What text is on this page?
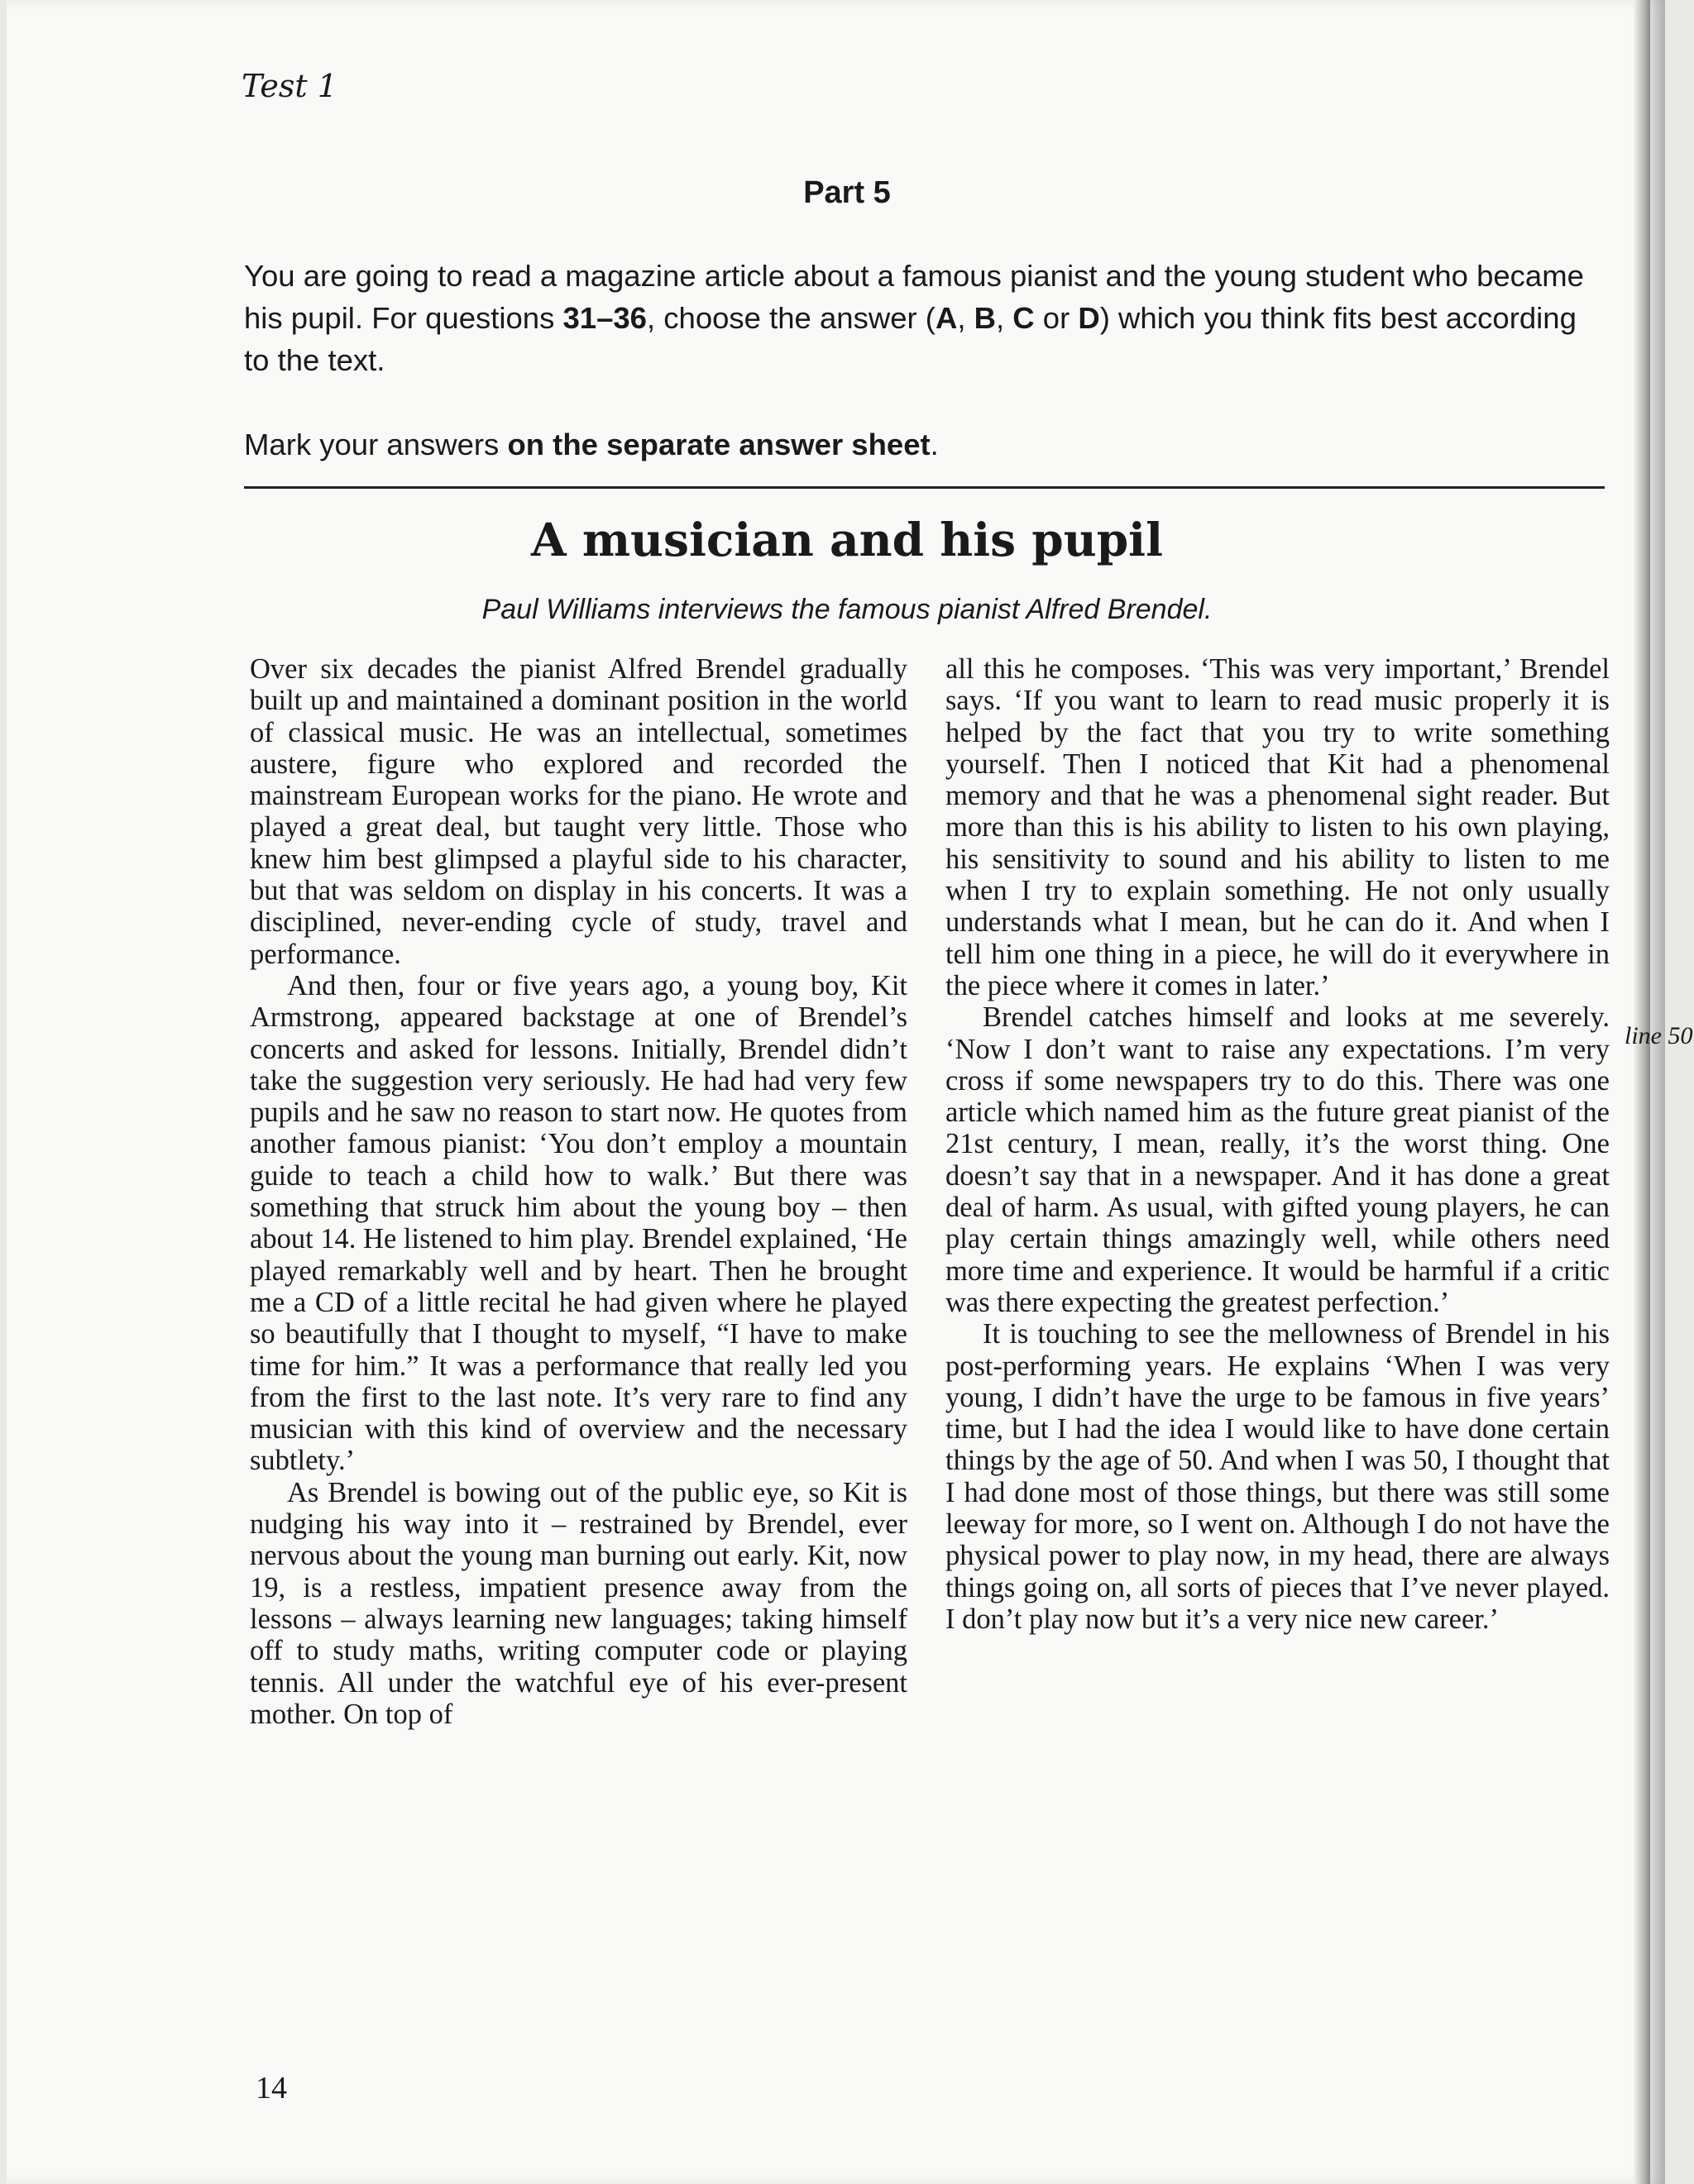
Test 1
Part 5
You are going to read a magazine article about a famous pianist and the young student who became his pupil. For questions 31–36, choose the answer (A, B, C or D) which you think fits best according to the text.
Mark your answers on the separate answer sheet.
A musician and his pupil
Paul Williams interviews the famous pianist Alfred Brendel.

Over six decades the pianist Alfred Brendel gradually built up and maintained a dominant position in the world of classical music. He was an intellectual, sometimes austere, figure who explored and recorded the mainstream European works for the piano. He wrote and played a great deal, but taught very little. Those who knew him best glimpsed a playful side to his character, but that was seldom on display in his concerts. It was a disciplined, never-ending cycle of study, travel and performance.

And then, four or five years ago, a young boy, Kit Armstrong, appeared backstage at one of Brendel’s concerts and asked for lessons. Initially, Brendel didn’t take the suggestion very seriously. He had had very few pupils and he saw no reason to start now. He quotes from another famous pianist: ‘You don’t employ a mountain guide to teach a child how to walk.’ But there was something that struck him about the young boy – then about 14. He listened to him play. Brendel explained, ‘He played remarkably well and by heart. Then he brought me a CD of a little recital he had given where he played so beautifully that I thought to myself, “I have to make time for him.” It was a performance that really led you from the first to the last note. It’s very rare to find any musician with this kind of overview and the necessary subtlety.’

As Brendel is bowing out of the public eye, so Kit is nudging his way into it – restrained by Brendel, ever nervous about the young man burning out early. Kit, now 19, is a restless, impatient presence away from the lessons – always learning new languages; taking himself off to study maths, writing computer code or playing tennis. All under the watchful eye of his ever-present mother. On top of

all this he composes. ‘This was very important,’ Brendel says. ‘If you want to learn to read music properly it is helped by the fact that you try to write something yourself. Then I noticed that Kit had a phenomenal memory and that he was a phenomenal sight reader. But more than this is his ability to listen to his own playing, his sensitivity to sound and his ability to listen to me when I try to explain something. He not only usually understands what I mean, but he can do it. And when I tell him one thing in a piece, he will do it everywhere in the piece where it comes in later.’

Brendel catches himself and looks at me severely. ‘Now I don’t want to raise any expectations. I’m very cross if some newspapers try to do this. There was one article which named him as the future great pianist of the 21st century, I mean, really, it’s the worst thing. One doesn’t say that in a newspaper. And it has done a great deal of harm. As usual, with gifted young players, he can play certain things amazingly well, while others need more time and experience. It would be harmful if a critic was there expecting the greatest perfection.’

It is touching to see the mellowness of Brendel in his post-performing years. He explains ‘When I was very young, I didn’t have the urge to be famous in five years’ time, but I had the idea I would like to have done certain things by the age of 50. And when I was 50, I thought that I had done most of those things, but there was still some leeway for more, so I went on. Although I do not have the physical power to play now, in my head, there are always things going on, all sorts of pieces that I’ve never played. I don’t play now but it’s a very nice new career.’

line 50
14
